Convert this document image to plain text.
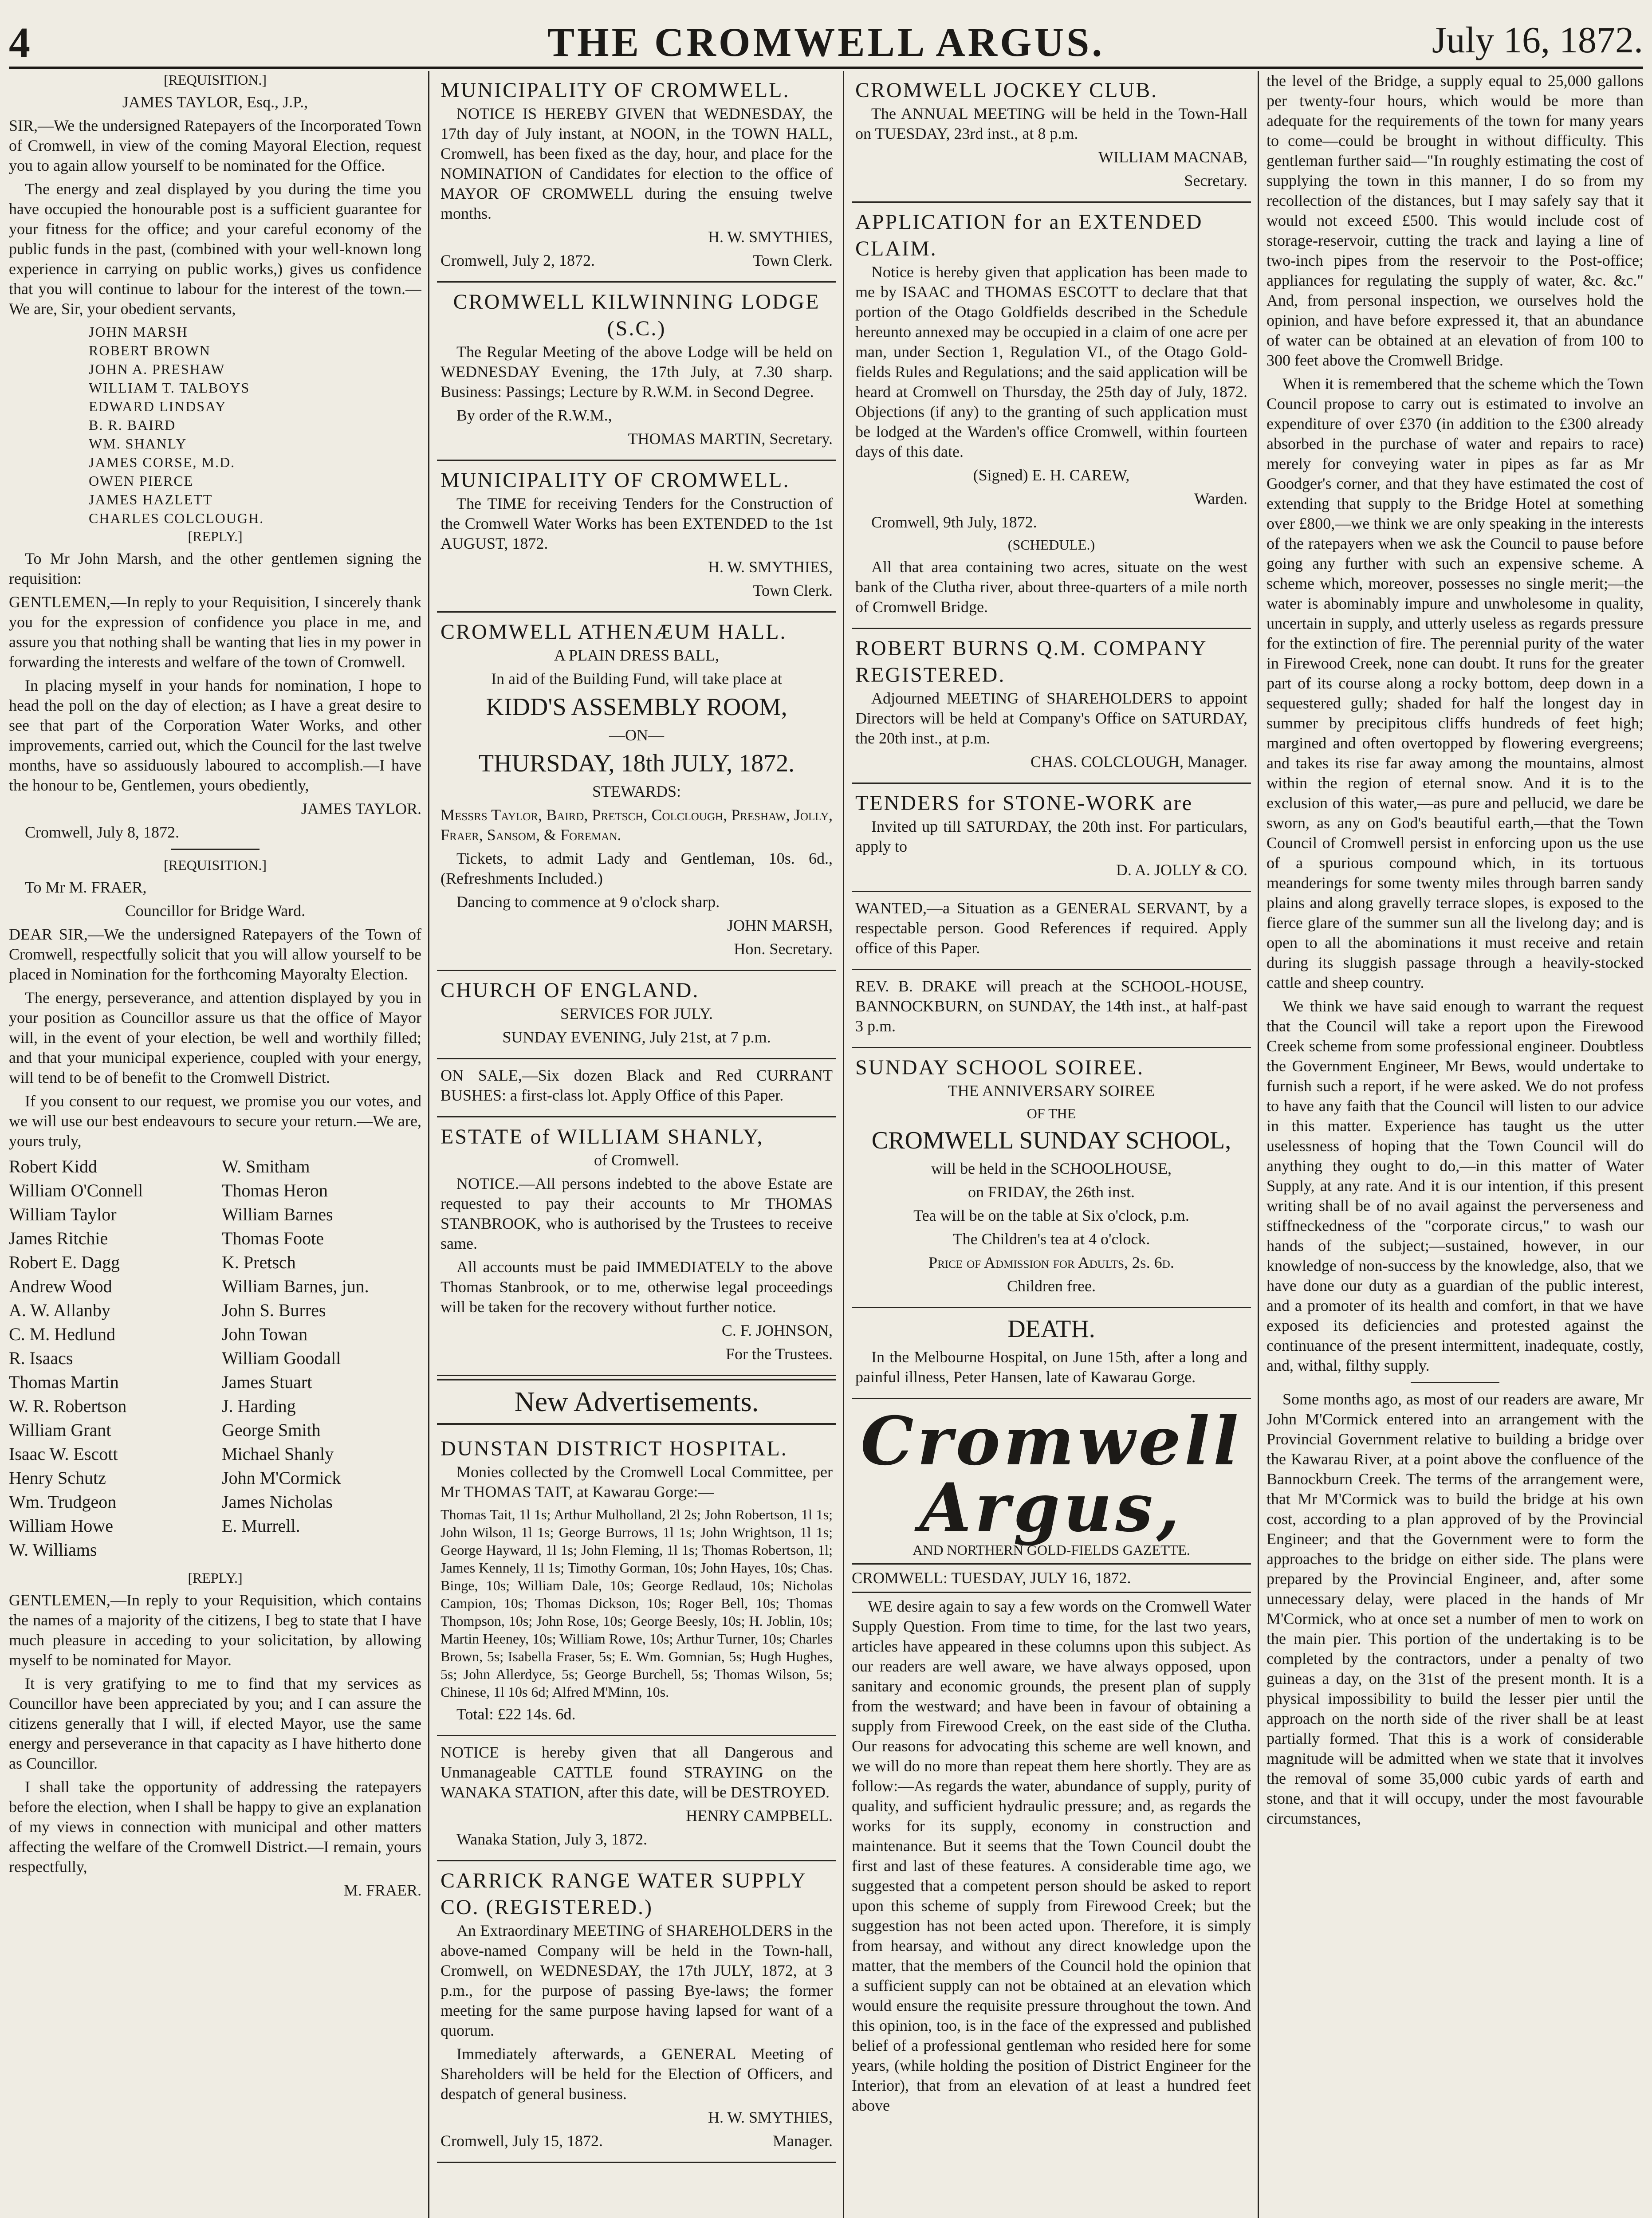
4	THE CROMWELL ARGUS.	July 16, 1872.

[REQUISITION.]

JAMES TAYLOR, Esq., J.P.,

SIR,—We the undersigned Ratepayers of the Incorporated Town of Cromwell, in view of the coming Mayoral Election, request you to again allow yourself to be nominated for the Office.

The energy and zeal displayed by you during the time you have occupied the honourable post is a sufficient guarantee for your fitness for the office; and your careful economy of the public funds in the past, (combined with your well-known long experience in carrying on public works,) gives us confidence that you will continue to labour for the interest of the town.—We are, Sir, your obedient servants,

JOHN MARSH
ROBERT BROWN
JOHN A. PRESHAW
WILLIAM T. TALBOYS
EDWARD LINDSAY
B. R. BAIRD
WM. SHANLY
JAMES CORSE, M.D.
OWEN PIERCE
JAMES HAZLETT
CHARLES COLCLOUGH.

[REPLY.]

To Mr John Marsh, and the other gentlemen signing the requisition:

GENTLEMEN,—In reply to your Requisition, I sincerely thank you for the expression of confidence you place in me, and assure you that nothing shall be wanting that lies in my power in forwarding the interests and welfare of the town of Cromwell.

In placing myself in your hands for nomination, I hope to head the poll on the day of election; as I have a great desire to see that part of the Corporation Water Works, and other improvements, carried out, which the Council for the last twelve months, have so assiduously laboured to accomplish.—I have the honour to be, Gentlemen, yours obediently,

JAMES TAYLOR.

Cromwell, July 8, 1872.

[REQUISITION.]

To Mr M. FRAER,

Councillor for Bridge Ward.

DEAR SIR,—We the undersigned Ratepayers of the Town of Cromwell, respectfully solicit that you will allow yourself to be placed in Nomination for the forthcoming Mayoralty Election.

The energy, perseverance, and attention displayed by you in your position as Councillor assure us that the office of Mayor will, in the event of your election, be well and worthily filled; and that your municipal experience, coupled with your energy, will tend to be of benefit to the Cromwell District.

If you consent to our request, we promise you our votes, and we will use our best endeavours to secure your return.—We are, yours truly,

Robert Kidd	W. Smitham
William O'Connell	Thomas Heron
William Taylor	William Barnes
James Ritchie	Thomas Foote
Robert E. Dagg	K. Pretsch
Andrew Wood	William Barnes, jun.
A. W. Allanby	John S. Burres
C. M. Hedlund	John Towan
R. Isaacs	William Goodall
Thomas Martin	James Stuart
W. R. Robertson	J. Harding
William Grant	George Smith
Isaac W. Escott	Michael Shanly
Henry Schutz	John M'Cormick
Wm. Trudgeon	James Nicholas
William Howe	E. Murrell.
W. Williams

[REPLY.]

GENTLEMEN,—In reply to your Requisition, which contains the names of a majority of the citizens, I beg to state that I have much pleasure in acceding to your solicitation, by allowing myself to be nominated for Mayor.

It is very gratifying to me to find that my services as Councillor have been appreciated by you; and I can assure the citizens generally that I will, if elected Mayor, use the same energy and perseverance in that capacity as I have hitherto done as Councillor.

I shall take the opportunity of addressing the ratepayers before the election, when I shall be happy to give an explanation of my views in connection with municipal and other matters affecting the welfare of the Cromwell District.—I remain, yours respectfully,

M. FRAER.

MUNICIPALITY OF CROMWELL.

NOTICE IS HEREBY GIVEN that WEDNESDAY, the 17th day of July instant, at NOON, in the TOWN HALL, Cromwell, has been fixed as the day, hour, and place for the NOMINATION of Candidates for election to the office of MAYOR OF CROMWELL during the ensuing twelve months.

H. W. SMYTHIES,

Cromwell, July 2, 1872.	Town Clerk.

CROMWELL KILWINNING LODGE (S.C.)

The Regular Meeting of the above Lodge will be held on WEDNESDAY Evening, the 17th July, at 7.30 sharp. Business: Passings; Lecture by R.W.M. in Second Degree.

By order of the R.W.M.,

THOMAS MARTIN, Secretary.

MUNICIPALITY OF CROMWELL.

The TIME for receiving Tenders for the Construction of the Cromwell Water Works has been EXTENDED to the 1st AUGUST, 1872.

H. W. SMYTHIES,

Town Clerk.

CROMWELL ATHENÆUM HALL.

A PLAIN DRESS BALL,

In aid of the Building Fund, will take place at

KIDD'S ASSEMBLY ROOM,

—ON—

THURSDAY, 18th JULY, 1872.

STEWARDS:

Messrs Taylor, Baird, Pretsch, Colclough, Preshaw, Jolly, Fraer, Sansom, & Foreman.

Tickets, to admit Lady and Gentleman, 10s. 6d., (Refreshments Included.)

Dancing to commence at 9 o'clock sharp.

JOHN MARSH,

Hon. Secretary.

CHURCH OF ENGLAND.

SERVICES FOR JULY.

SUNDAY EVENING, July 21st, at 7 p.m.

ON SALE,—Six dozen Black and Red CURRANT BUSHES: a first-class lot. Apply Office of this Paper.

ESTATE of WILLIAM SHANLY,

of Cromwell.

NOTICE.—All persons indebted to the above Estate are requested to pay their accounts to Mr THOMAS STANBROOK, who is authorised by the Trustees to receive same.

All accounts must be paid IMMEDIATELY to the above Thomas Stanbrook, or to me, otherwise legal proceedings will be taken for the recovery without further notice.

C. F. JOHNSON,

For the Trustees.

New Advertisements.
DUNSTAN DISTRICT HOSPITAL.

Monies collected by the Cromwell Local Committee, per Mr THOMAS TAIT, at Kawarau Gorge:—

Thomas Tait, 1l 1s; Arthur Mulholland, 2l 2s; John Robertson, 1l 1s; John Wilson, 1l 1s; George Burrows, 1l 1s; John Wrightson, 1l 1s; George Hayward, 1l 1s; John Fleming, 1l 1s; Thomas Robertson, 1l; James Kennely, 1l 1s; Timothy Gorman, 10s; John Hayes, 10s; Chas. Binge, 10s; William Dale, 10s; George Redlaud, 10s; Nicholas Campion, 10s; Thomas Dickson, 10s; Roger Bell, 10s; Thomas Thompson, 10s; John Rose, 10s; George Beesly, 10s; H. Joblin, 10s; Martin Heeney, 10s; William Rowe, 10s; Arthur Turner, 10s; Charles Brown, 5s; Isabella Fraser, 5s; E. Wm. Gomnian, 5s; Hugh Hughes, 5s; John Allerdyce, 5s; George Burchell, 5s; Thomas Wilson, 5s; Chinese, 1l 10s 6d; Alfred M'Minn, 10s.

Total: £22 14s. 6d.

NOTICE is hereby given that all Dangerous and Unmanageable CATTLE found STRAYING on the WANAKA STATION, after this date, will be DESTROYED.

HENRY CAMPBELL.

Wanaka Station, July 3, 1872.

CARRICK RANGE WATER SUPPLY CO. (REGISTERED.)

An Extraordinary MEETING of SHAREHOLDERS in the above-named Company will be held in the Town-hall, Cromwell, on WEDNESDAY, the 17th JULY, 1872, at 3 p.m., for the purpose of passing Bye-laws; the former meeting for the same purpose having lapsed for want of a quorum.

Immediately afterwards, a GENERAL Meeting of Shareholders will be held for the Election of Officers, and despatch of general business.

H. W. SMYTHIES,

Cromwell, July 15, 1872.	Manager.

CROMWELL JOCKEY CLUB.

The ANNUAL MEETING will be held in the Town-Hall on TUESDAY, 23rd inst., at 8 p.m.

WILLIAM MACNAB,

Secretary.

APPLICATION for an EXTENDED CLAIM.

Notice is hereby given that application has been made to me by ISAAC and THOMAS ESCOTT to declare that that portion of the Otago Goldfields described in the Schedule hereunto annexed may be occupied in a claim of one acre per man, under Section 1, Regulation VI., of the Otago Gold-fields Rules and Regulations; and the said application will be heard at Cromwell on Thursday, the 25th day of July, 1872. Objections (if any) to the granting of such application must be lodged at the Warden's office Cromwell, within fourteen days of this date.

(Signed) E. H. CAREW,

Warden.

Cromwell, 9th July, 1872.

(SCHEDULE.)

All that area containing two acres, situate on the west bank of the Clutha river, about three-quarters of a mile north of Cromwell Bridge.

ROBERT BURNS Q.M. COMPANY REGISTERED.

Adjourned MEETING of SHAREHOLDERS to appoint Directors will be held at Company's Office on SATURDAY, the 20th inst., at p.m.

CHAS. COLCLOUGH, Manager.

TENDERS for STONE-WORK are

Invited up till SATURDAY, the 20th inst. For particulars, apply to

D. A. JOLLY & CO.

WANTED,—a Situation as a GENERAL SERVANT, by a respectable person. Good References if required. Apply office of this Paper.

REV. B. DRAKE will preach at the SCHOOL-HOUSE, BANNOCKBURN, on SUNDAY, the 14th inst., at half-past 3 p.m.

SUNDAY SCHOOL SOIREE.

THE ANNIVERSARY SOIREE

OF THE

CROMWELL SUNDAY SCHOOL,

will be held in the SCHOOLHOUSE,

on FRIDAY, the 26th inst.

Tea will be on the table at Six o'clock, p.m.

The Children's tea at 4 o'clock.

Price of Admission for Adults, 2s. 6d.

Children free.

DEATH.

In the Melbourne Hospital, on June 15th, after a long and painful illness, Peter Hansen, late of Kawarau Gorge.

Cromwell Argus,

AND NORTHERN GOLD-FIELDS GAZETTE.

CROMWELL: TUESDAY, JULY 16, 1872.

WE desire again to say a few words on the Cromwell Water Supply Question. From time to time, for the last two years, articles have appeared in these columns upon this subject. As our readers are well aware, we have always opposed, upon sanitary and economic grounds, the present plan of supply from the westward; and have been in favour of obtaining a supply from Firewood Creek, on the east side of the Clutha. Our reasons for advocating this scheme are well known, and we will do no more than repeat them here shortly. They are as follow:—As regards the water, abundance of supply, purity of quality, and sufficient hydraulic pressure; and, as regards the works for its supply, economy in construction and maintenance. But it seems that the Town Council doubt the first and last of these features. A considerable time ago, we suggested that a competent person should be asked to report upon this scheme of supply from Firewood Creek; but the suggestion has not been acted upon. Therefore, it is simply from hearsay, and without any direct knowledge upon the matter, that the members of the Council hold the opinion that a sufficient supply can not be obtained at an elevation which would ensure the requisite pressure throughout the town. And this opinion, too, is in the face of the expressed and published belief of a professional gentleman who resided here for some years, (while holding the position of District Engineer for the Interior), that from an elevation of at least a hundred feet above

the level of the Bridge, a supply equal to 25,000 gallons per twenty-four hours, which would be more than adequate for the requirements of the town for many years to come—could be brought in without difficulty. This gentleman further said—"In roughly estimating the cost of supplying the town in this manner, I do so from my recollection of the distances, but I may safely say that it would not exceed £500. This would include cost of storage-reservoir, cutting the track and laying a line of two-inch pipes from the reservoir to the Post-office; appliances for regulating the supply of water, &c. &c." And, from personal inspection, we ourselves hold the opinion, and have before expressed it, that an abundance of water can be obtained at an elevation of from 100 to 300 feet above the Cromwell Bridge.

When it is remembered that the scheme which the Town Council propose to carry out is estimated to involve an expenditure of over £370 (in addition to the £300 already absorbed in the purchase of water and repairs to race) merely for conveying water in pipes as far as Mr Goodger's corner, and that they have estimated the cost of extending that supply to the Bridge Hotel at something over £800,—we think we are only speaking in the interests of the ratepayers when we ask the Council to pause before going any further with such an expensive scheme. A scheme which, moreover, possesses no single merit;—the water is abominably impure and unwholesome in quality, uncertain in supply, and utterly useless as regards pressure for the extinction of fire. The perennial purity of the water in Firewood Creek, none can doubt. It runs for the greater part of its course along a rocky bottom, deep down in a sequestered gully; shaded for half the longest day in summer by precipitous cliffs hundreds of feet high; margined and often overtopped by flowering evergreens; and takes its rise far away among the mountains, almost within the region of eternal snow. And it is to the exclusion of this water,—as pure and pellucid, we dare be sworn, as any on God's beautiful earth,—that the Town Council of Cromwell persist in enforcing upon us the use of a spurious compound which, in its tortuous meanderings for some twenty miles through barren sandy plains and along gravelly terrace slopes, is exposed to the fierce glare of the summer sun all the livelong day; and is open to all the abominations it must receive and retain during its sluggish passage through a heavily-stocked cattle and sheep country.

We think we have said enough to warrant the request that the Council will take a report upon the Firewood Creek scheme from some professional engineer. Doubtless the Government Engineer, Mr Bews, would undertake to furnish such a report, if he were asked. We do not profess to have any faith that the Council will listen to our advice in this matter. Experience has taught us the utter uselessness of hoping that the Town Council will do anything they ought to do,—in this matter of Water Supply, at any rate. And it is our intention, if this present writing shall be of no avail against the perverseness and stiffneckedness of the "corporate circus," to wash our hands of the subject;—sustained, however, in our knowledge of non-success by the knowledge, also, that we have done our duty as a guardian of the public interest, and a promoter of its health and comfort, in that we have exposed its deficiencies and protested against the continuance of the present intermittent, inadequate, costly, and, withal, filthy supply.

Some months ago, as most of our readers are aware, Mr John M'Cormick entered into an arrangement with the Provincial Government relative to building a bridge over the Kawarau River, at a point above the confluence of the Bannockburn Creek. The terms of the arrangement were, that Mr M'Cormick was to build the bridge at his own cost, according to a plan approved of by the Provincial Engineer; and that the Government were to form the approaches to the bridge on either side. The plans were prepared by the Provincial Engineer, and, after some unnecessary delay, were placed in the hands of Mr M'Cormick, who at once set a number of men to work on the main pier. This portion of the undertaking is to be completed by the contractors, under a penalty of two guineas a day, on the 31st of the present month. It is a physical impossibility to build the lesser pier until the approach on the north side of the river shall be at least partially formed. That this is a work of considerable magnitude will be admitted when we state that it involves the removal of some 35,000 cubic yards of earth and stone, and that it will occupy, under the most favourable circumstances,
